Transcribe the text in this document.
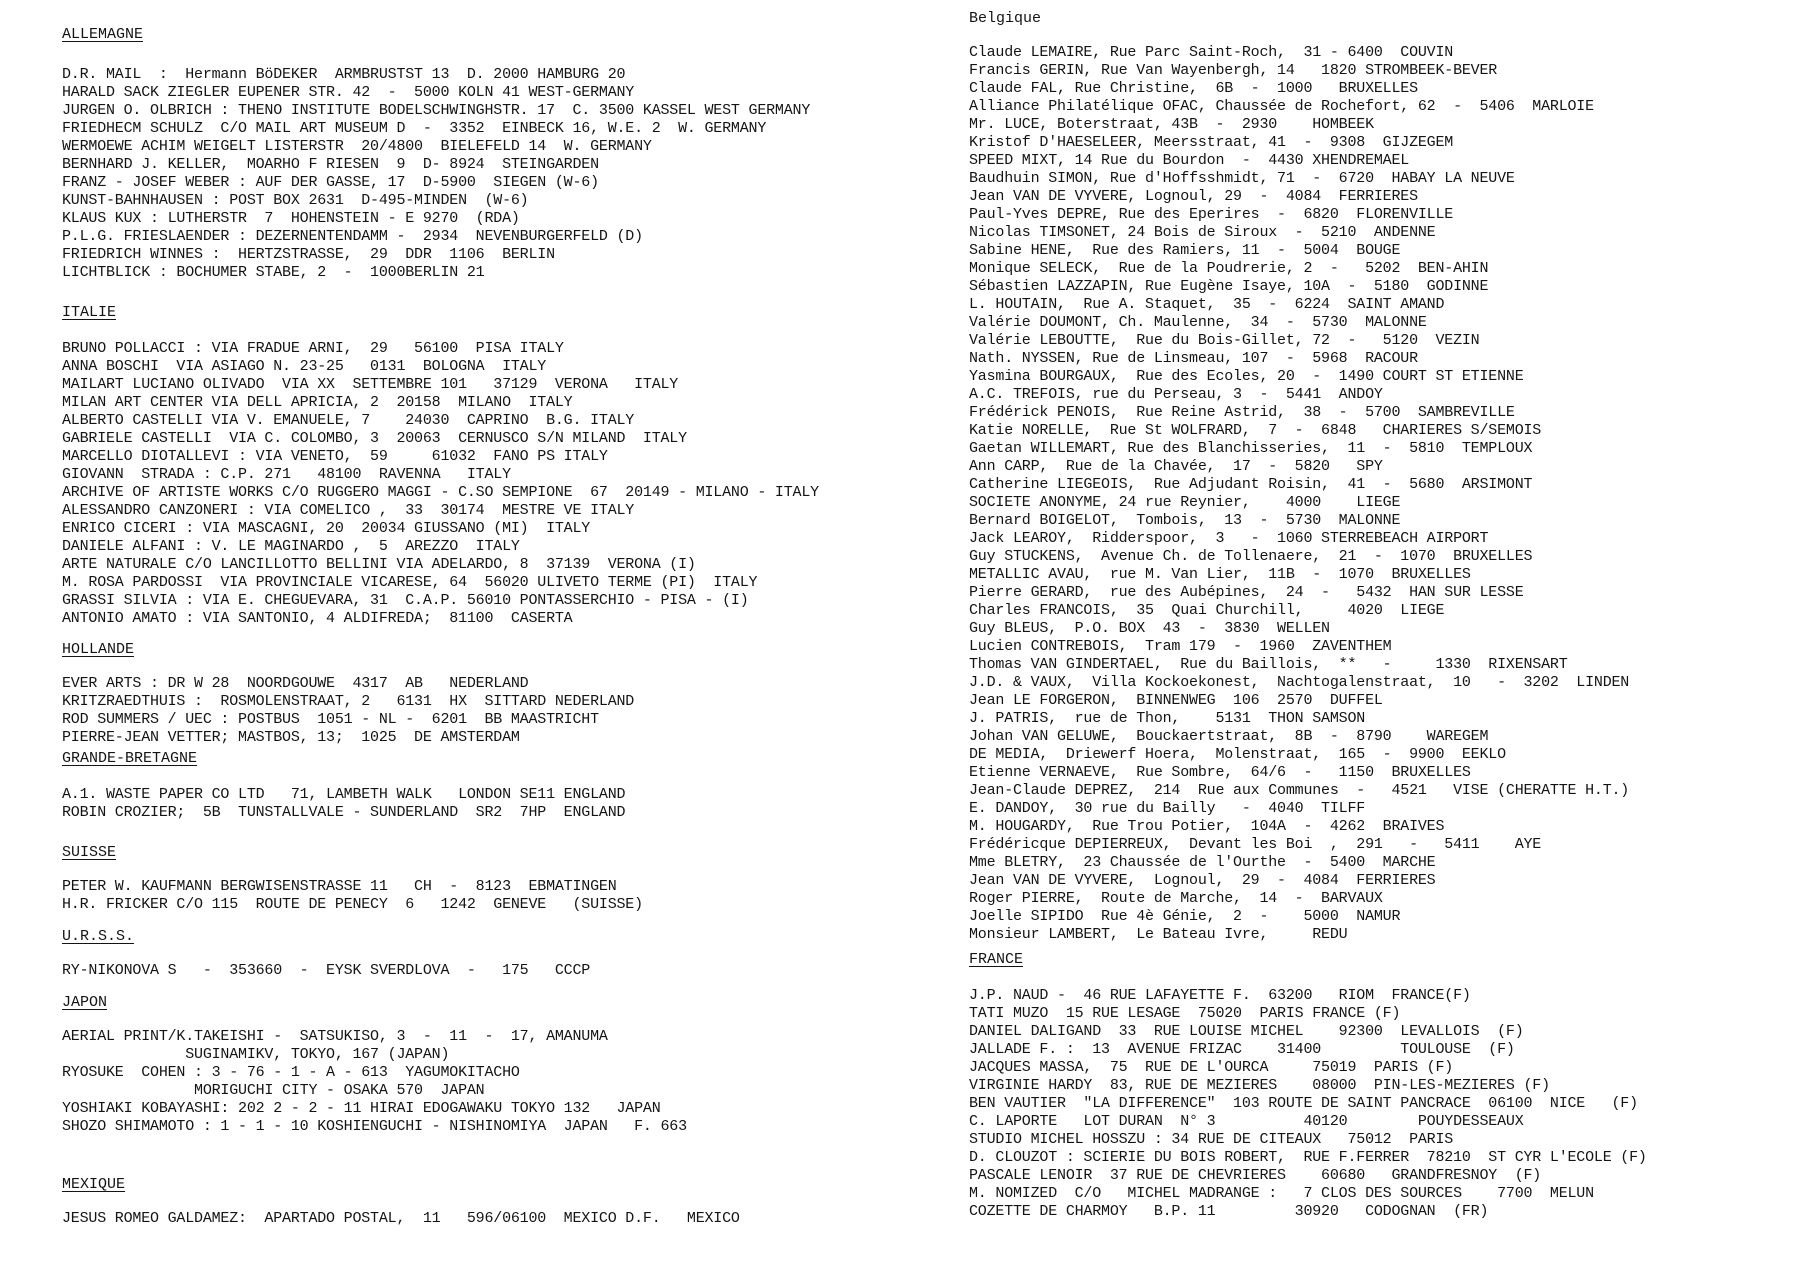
ALLEMAGNE
D.R. MAIL  :  Hermann BöDEKER  ARMBRUSTST 13  D. 2000 HAMBURG 20
HARALD SACK ZIEGLER EUPENER STR. 42  -  5000 KOLN 41 WEST-GERMANY
JURGEN O. OLBRICH : THENO INSTITUTE BODELSCHWINGHSTR. 17  C. 3500 KASSEL WEST GERMANY
FRIEDHECM SCHULZ  C/O MAIL ART MUSEUM D  -  3352  EINBECK 16, W.E. 2  W. GERMANY
WERMOEWE ACHIM WEIGELT LISTERSTR  20/4800  BIELEFELD 14  W. GERMANY
BERNHARD J. KELLER,  MOARHO F RIESEN  9  D- 8924  STEINGARDEN
FRANZ - JOSEF WEBER : AUF DER GASSE, 17  D-5900  SIEGEN (W-6)
KUNST-BAHNHAUSEN : POST BOX 2631  D-495-MINDEN  (W-6)
KLAUS KUX : LUTHERSTR  7  HOHENSTEIN - E 9270  (RDA)
P.L.G. FRIESLAENDER : DEZERNENTENDAMM -  2934  NEVENBURGERFELD (D)
FRIEDRICH WINNES :  HERTZSTRASSE,  29  DDR  1106  BERLIN
LICHTBLICK : BOCHUMER STABE, 2  -  1000BERLIN 21
ITALIE
BRUNO POLLACCI : VIA FRADUE ARNI,  29   56100  PISA ITALY
ANNA BOSCHI  VIA ASIAGO N. 23-25   0131  BOLOGNA  ITALY
MAILART LUCIANO OLIVADO  VIA XX  SETTEMBRE 101   37129  VERONA   ITALY
MILAN ART CENTER VIA DELL APRICIA, 2  20158  MILANO  ITALY
ALBERTO CASTELLI VIA V. EMANUELE, 7    24030  CAPRINO  B.G. ITALY
GABRIELE CASTELLI  VIA C. COLOMBO, 3  20063  CERNUSCO S/N MILAND  ITALY
MARCELLO DIOTALLEVI : VIA VENETO,  59     61032  FANO PS ITALY
GIOVANN  STRADA : C.P. 271   48100  RAVENNA   ITALY
ARCHIVE OF ARTISTE WORKS C/O RUGGERO MAGGI - C.SO SEMPIONE  67  20149 - MILANO - ITALY
ALESSANDRO CANZONERI : VIA COMELICO ,  33  30174  MESTRE VE ITALY
ENRICO CICERI : VIA MASCAGNI, 20  20034 GIUSSANO (MI)  ITALY
DANIELE ALFANI : V. LE MAGINARDO ,  5  AREZZO  ITALY
ARTE NATURALE C/O LANCILLOTTO BELLINI VIA ADELARDO, 8  37139  VERONA (I)
M. ROSA PARDOSSI  VIA PROVINCIALE VICARESE, 64  56020 ULIVETO TERME (PI)  ITALY
GRASSI SILVIA : VIA E. CHEGUEVARA, 31  C.A.P. 56010 PONTASSERCHIO - PISA - (I)
ANTONIO AMATO : VIA SANTONIO, 4 ALDIFREDA;  81100  CASERTA
HOLLANDE
EVER ARTS : DR W 28  NOORDGOUWE  4317  AB   NEDERLAND
KRITZRAEDTHUIS :  ROSMOLENSTRAAT, 2   6131  HX  SITTARD NEDERLAND
ROD SUMMERS / UEC : POSTBUS  1051 - NL -  6201  BB MAASTRICHT
PIERRE-JEAN VETTER; MASTBOS, 13;  1025  DE AMSTERDAM
GRANDE-BRETAGNE
A.1. WASTE PAPER CO LTD   71, LAMBETH WALK   LONDON SE11 ENGLAND
ROBIN CROZIER;  5B  TUNSTALLVALE - SUNDERLAND  SR2  7HP  ENGLAND
SUISSE
PETER W. KAUFMANN BERGWISENSTRASSE 11   CH  -  8123  EBMATINGEN
H.R. FRICKER C/O 115  ROUTE DE PENECY  6   1242  GENEVE   (SUISSE)
U.R.S.S.
RY-NIKONOVA S   -  353660  -  EYSK SVERDLOVA  -   175   CCCP
JAPON
AERIAL PRINT/K.TAKEISHI -  SATSUKISO, 3  -  11  -  17, AMANUMA
SUGINAMIKV, TOKYO, 167 (JAPAN)
RYOSUKE  COHEN : 3 - 76 - 1 - A - 613  YAGUMOKITACHO
MORIGUCHI CITY - OSAKA 570  JAPAN
YOSHIAKI KOBAYASHI: 202 2 - 2 - 11 HIRAI EDOGAWAKU TOKYO 132   JAPAN
SHOZO SHIMAMOTO : 1 - 1 - 10 KOSHIENGUCHI - NISHINOMIYA  JAPAN   F. 663
MEXIQUE
JESUS ROMEO GALDAMEZ:  APARTADO POSTAL,  11   596/06100  MEXICO D.F.   MEXICO
Belgique
Claude LEMAIRE, Rue Parc Saint-Roch,  31 - 6400  COUVIN
Francis GERIN, Rue Van Wayenbergh, 14   1820 STROMBEEK-BEVER
Claude FAL, Rue Christine,  6B  -  1000   BRUXELLES
Alliance Philatélique OFAC, Chaussée de Rochefort, 62  -  5406  MARLOIE
Mr. LUCE, Boterstraat, 43B  -  2930    HOMBEEK
Kristof D'HAESELEER, Meersstraat, 41  -  9308  GIJZEGEM
SPEED MIXT, 14 Rue du Bourdon  -  4430 XHENDREMAEL
Baudhuin SIMON, Rue d'Hoffsshmidt, 71  -  6720  HABAY LA NEUVE
Jean VAN DE VYVERE, Lognoul, 29  -  4084  FERRIERES
Paul-Yves DEPRE, Rue des Eperires  -  6820  FLORENVILLE
Nicolas TIMSONET, 24 Bois de Siroux  -  5210  ANDENNE
Sabine HENE,  Rue des Ramiers, 11  -  5004  BOUGE
Monique SELECK,  Rue de la Poudrerie, 2  -   5202  BEN-AHIN
Sébastien LAZZAPIN, Rue Eugène Isaye, 10A  -  5180  GODINNE
L. HOUTAIN,  Rue A. Staquet,  35  -  6224  SAINT AMAND
Valérie DOUMONT, Ch. Maulenne,  34  -  5730  MALONNE
Valérie LEBOUTTE,  Rue du Bois-Gillet, 72  -   5120  VEZIN
Nath. NYSSEN, Rue de Linsmeau, 107  -  5968  RACOUR
Yasmina BOURGAUX,  Rue des Ecoles, 20  -  1490 COURT ST ETIENNE
A.C. TREFOIS, rue du Perseau, 3  -  5441  ANDOY
Frédérick PENOIS,  Rue Reine Astrid,  38  -  5700  SAMBREVILLE
Katie NORELLE,  Rue St WOLFRARD,  7  -  6848   CHARIERES S/SEMOIS
Gaetan WILLEMART, Rue des Blanchisseries,  11  -  5810  TEMPLOUX
Ann CARP,  Rue de la Chavée,  17  -  5820   SPY
Catherine LIEGEOIS,  Rue Adjudant Roisin,  41  -  5680  ARSIMONT
SOCIETE ANONYME, 24 rue Reynier,    4000    LIEGE
Bernard BOIGELOT,  Tombois,  13  -  5730  MALONNE
Jack LEAROY,  Ridderspoor,  3   -  1060 STERREBEACH AIRPORT
Guy STUCKENS,  Avenue Ch. de Tollenaere,  21  -  1070  BRUXELLES
METALLIC AVAU,  rue M. Van Lier,  11B  -  1070  BRUXELLES
Pierre GERARD,  rue des Aubépines,  24  -   5432  HAN SUR LESSE
Charles FRANCOIS,  35  Quai Churchill,     4020  LIEGE
Guy BLEUS,  P.O. BOX  43  -  3830  WELLEN
Lucien CONTREBOIS,  Tram 179  -  1960  ZAVENTHEM
Thomas VAN GINDERTAEL,  Rue du Baillois,  **   -     1330  RIXENSART
J.D. & VAUX,  Villa Kockoekonest,  Nachtogalenstraat,  10   -  3202  LINDEN
Jean LE FORGERON,  BINNENWEG  106  2570  DUFFEL
J. PATRIS,  rue de Thon,    5131  THON SAMSON
Johan VAN GELUWE,  Bouckaertstraat,  8B  -  8790    WAREGEM
DE MEDIA,  Driewerf Hoera,  Molenstraat,  165  -  9900  EEKLO
Etienne VERNAEVE,  Rue Sombre,  64/6  -   1150  BRUXELLES
Jean-Claude DEPREZ,  214  Rue aux Communes  -   4521   VISE (CHERATTE H.T.)
E. DANDOY,  30 rue du Bailly   -  4040  TILFF
M. HOUGARDY,  Rue Trou Potier,  104A  -  4262  BRAIVES
Frédéricque DEPIERREUX,  Devant les Boi  ,  291   -   5411    AYE
Mme BLETRY,  23 Chaussée de l'Ourthe  -  5400  MARCHE
Jean VAN DE VYVERE,  Lognoul,  29  -  4084  FERRIERES
Roger PIERRE,  Route de Marche,  14  -  BARVAUX
Joelle SIPIDO  Rue 4è Génie,  2  -    5000  NAMUR
Monsieur LAMBERT,  Le Bateau Ivre,     REDU
FRANCE
J.P. NAUD -  46 RUE LAFAYETTE F.  63200   RIOM  FRANCE(F)
TATI MUZO  15 RUE LESAGE  75020  PARIS FRANCE (F)
DANIEL DALIGAND  33  RUE LOUISE MICHEL    92300  LEVALLOIS  (F)
JALLADE F. :  13  AVENUE FRIZAC    31400         TOULOUSE  (F)
JACQUES MASSA,  75  RUE DE L'OURCA     75019  PARIS (F)
VIRGINIE HARDY  83, RUE DE MEZIERES    08000  PIN-LES-MEZIERES (F)
BEN VAUTIER  "LA DIFFERENCE"  103 ROUTE DE SAINT PANCRACE  06100  NICE   (F)
C. LAPORTE   LOT DURAN  N° 3          40120        POUYDESSEAUX
STUDIO MICHEL HOSSZU : 34 RUE DE CITEAUX   75012  PARIS
D. CLOUZOT : SCIERIE DU BOIS ROBERT,  RUE F.FERRER  78210  ST CYR L'ECOLE (F)
PASCALE LENOIR  37 RUE DE CHEVRIERES    60680   GRANDFRESNOY  (F)
M. NOMIZED  C/O   MICHEL MADRANGE :   7 CLOS DES SOURCES    7700  MELUN
COZETTE DE CHARMOY   B.P. 11         30920   CODOGNAN  (FR)
